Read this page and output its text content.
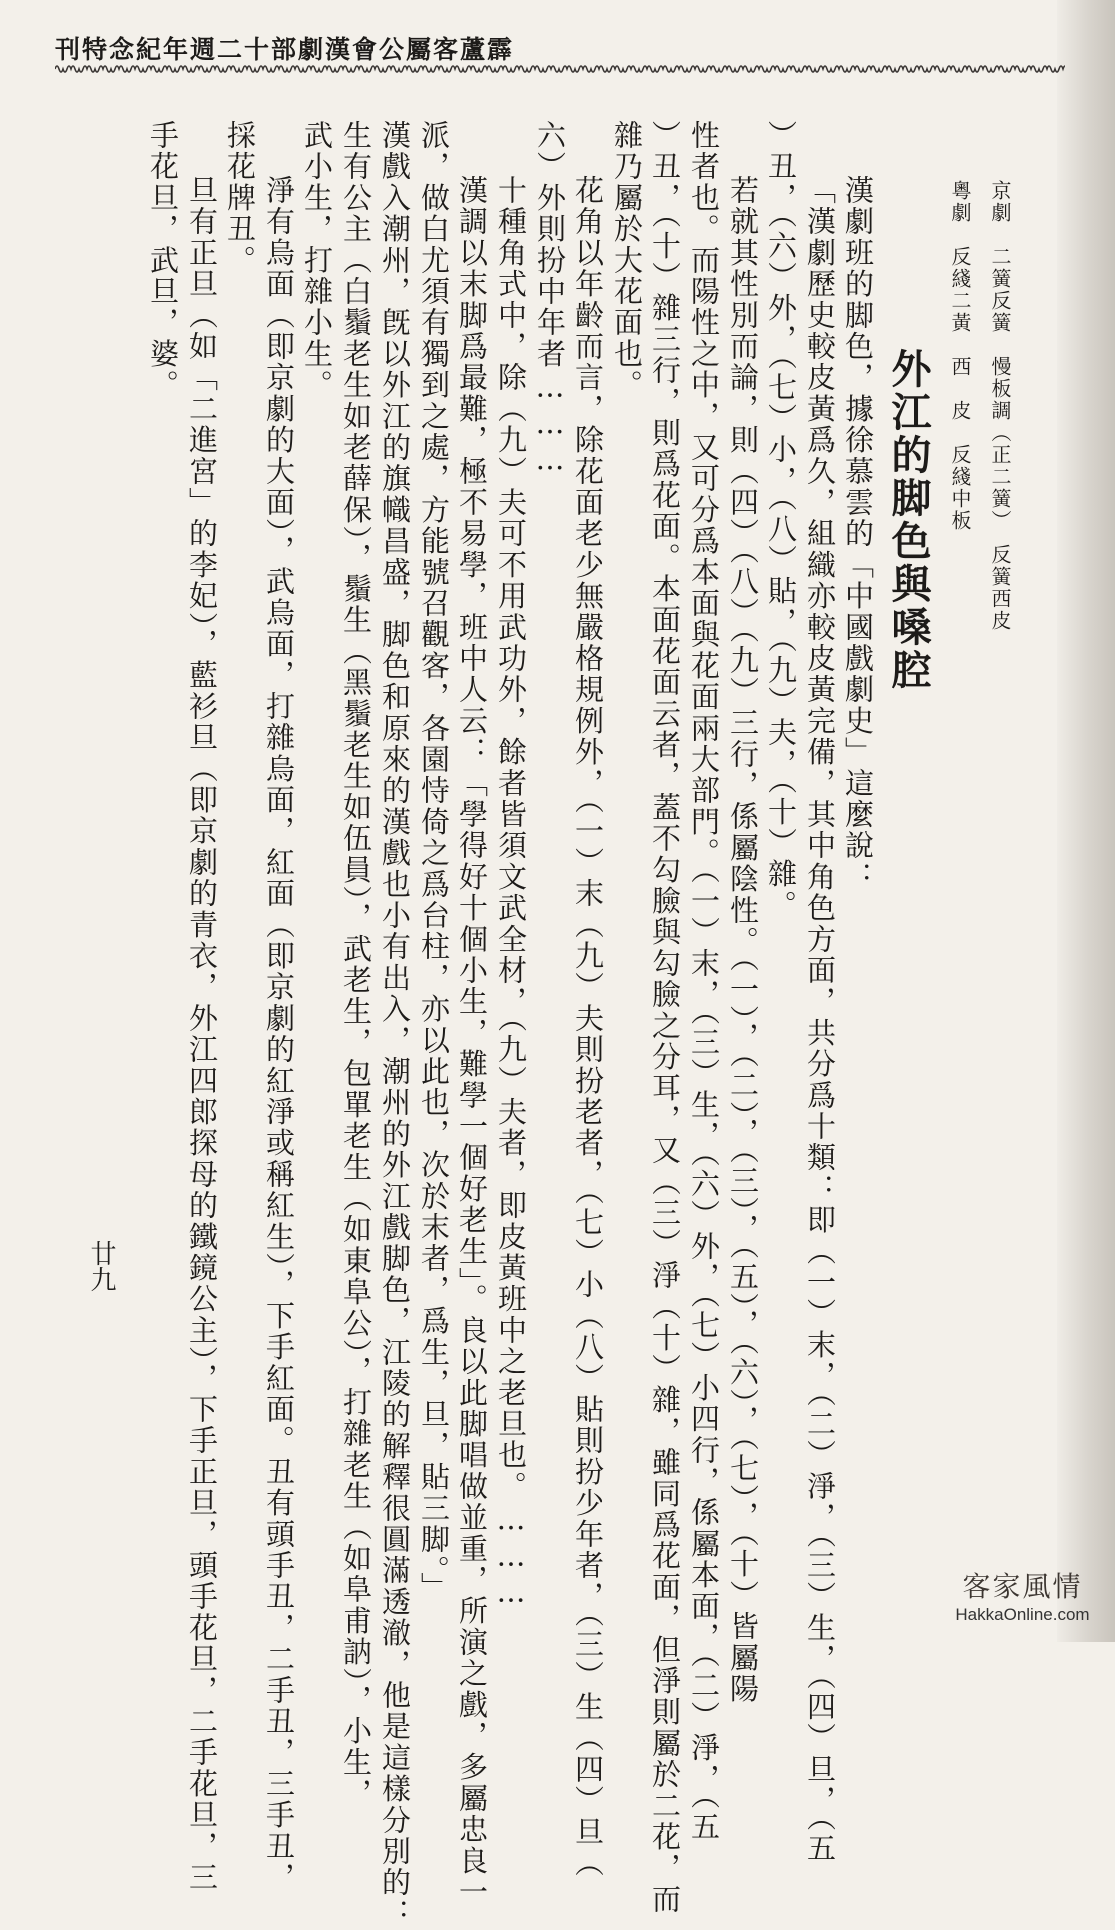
刊特念紀年週二十部劇漢會公屬客蘆霹
外江的脚色與嗓腔	京劇　二簧反簧　慢板調（正二簧）　反簧西皮
粵劇　反綫二黃　西　皮　反綫中板
漢劇班的脚色，據徐慕雲的「中國戲劇史」這麼說：
「漢劇歷史較皮黃爲久，組織亦較皮黃完備，其中角色方面，共分爲十類：即（一）末，（二）淨，（三）生，（四）旦，（五
）丑，（六）外，（七）小，（八）貼，（九）夫，（十）雜。
若就其性別而論，則（四）（八）（九）三行，係屬陰性。（一），（二），（三），（五），（六），（七），（十）皆屬陽
性者也。而陽性之中，又可分爲本面與花面兩大部門。（一）末，（三）生，（六）外，（七）小四行，係屬本面，（二）淨，（五
）丑，（十）雜三行，則爲花面。本面花面云者，蓋不勾臉與勾臉之分耳，又（三）淨（十）雜，雖同爲花面，但淨則屬於二花，而
雜乃屬於大花面也。
花角以年齡而言，除花面老少無嚴格規例外，（一）末（九）夫則扮老者，（七）小（八）貼則扮少年者，（三）生（四）旦（
六）外則扮中年者………
十種角式中，除（九）夫可不用武功外，餘者皆須文武全材，（九）夫者，即皮黃班中之老旦也。………
漢調以末脚爲最難，極不易學，班中人云：「學得好十個小生，難學一個好老生」。良以此脚唱做並重，所演之戲，多屬忠良一
派，做白尤須有獨到之處，方能號召觀客，各園恃倚之爲台柱，亦以此也，次於末者，爲生，旦，貼三脚。」
漢戲入潮州，旣以外江的旗幟昌盛，脚色和原來的漢戲也小有出入，潮州的外江戲脚色，江陵的解釋很圓滿透澈，他是這樣分別的：
生有公主（白鬚老生如老薛保），鬚生（黑鬚老生如伍員），武老生，包單老生（如東阜公），打雜老生（如阜甫訥），小生，
武小生，打雜小生。
淨有烏面（即京劇的大面），武烏面，打雜烏面，紅面（即京劇的紅淨或稱紅生），下手紅面。丑有頭手丑，二手丑，三手丑，
採花牌丑。
旦有正旦（如「二進宮」的李妃），藍衫旦（即京劇的青衣，外江四郎探母的鐵鏡公主），下手正旦，頭手花旦，二手花旦，三
手花旦，武旦，婆。
廿九
客家風情
HakkaOnline.com
